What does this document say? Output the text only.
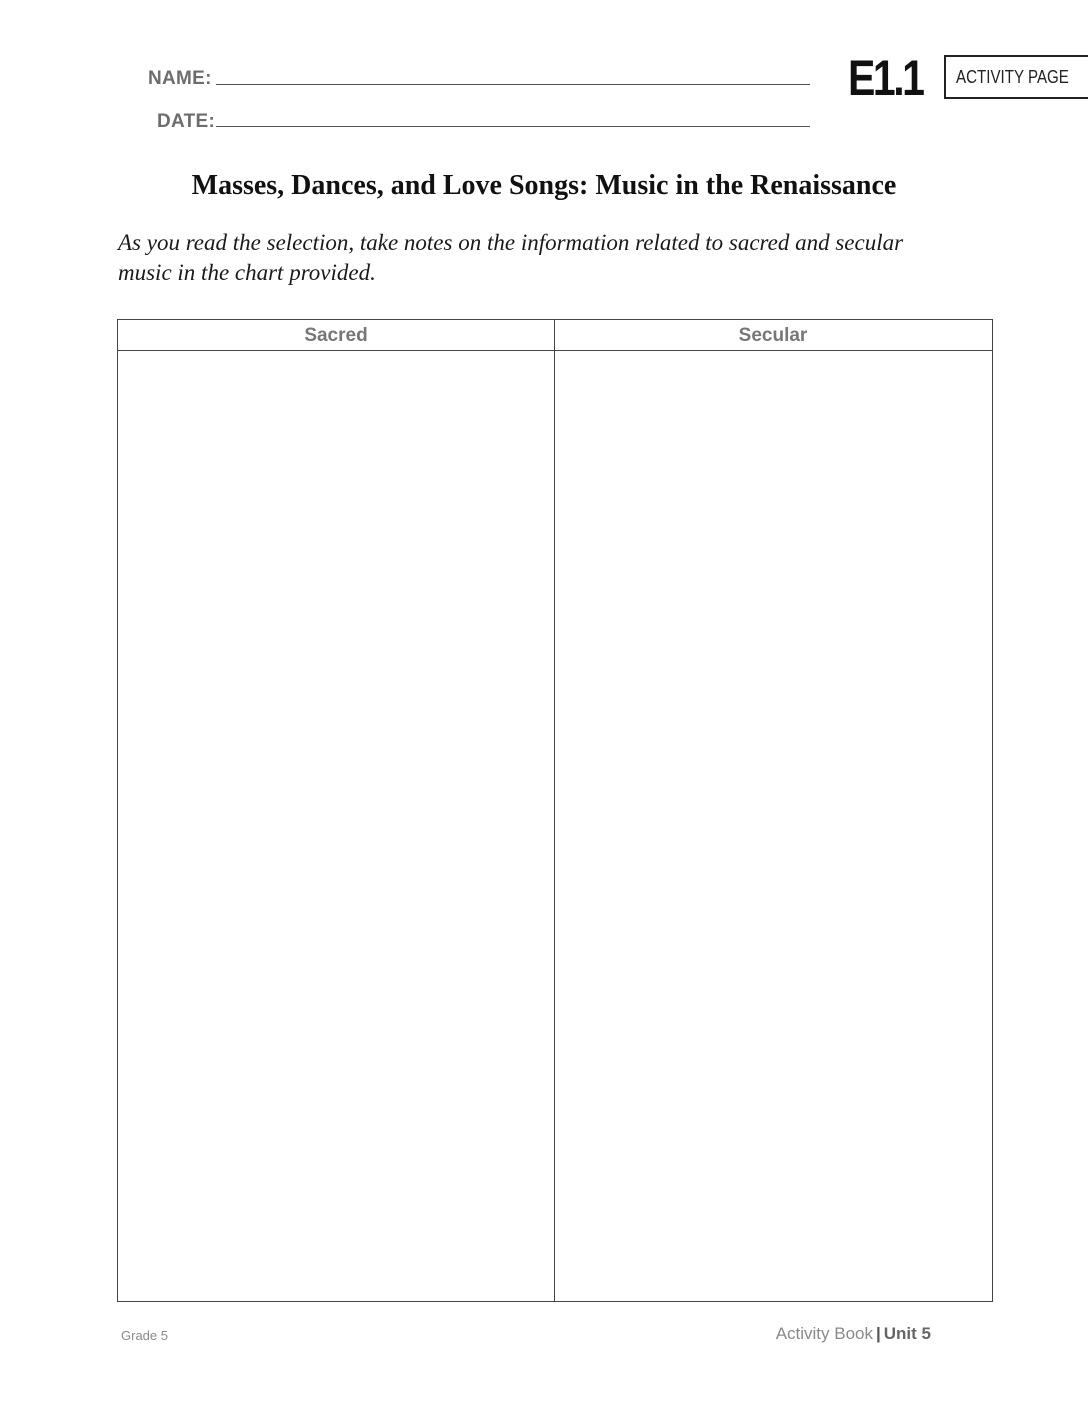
NAME:
DATE:
E1.1 ACTIVITY PAGE
Masses, Dances, and Love Songs: Music in the Renaissance

As you read the selection, take notes on the information related to sacred and secular music in the chart provided.

Sacred	Secular
Grade 5	Activity Book | Unit 5
